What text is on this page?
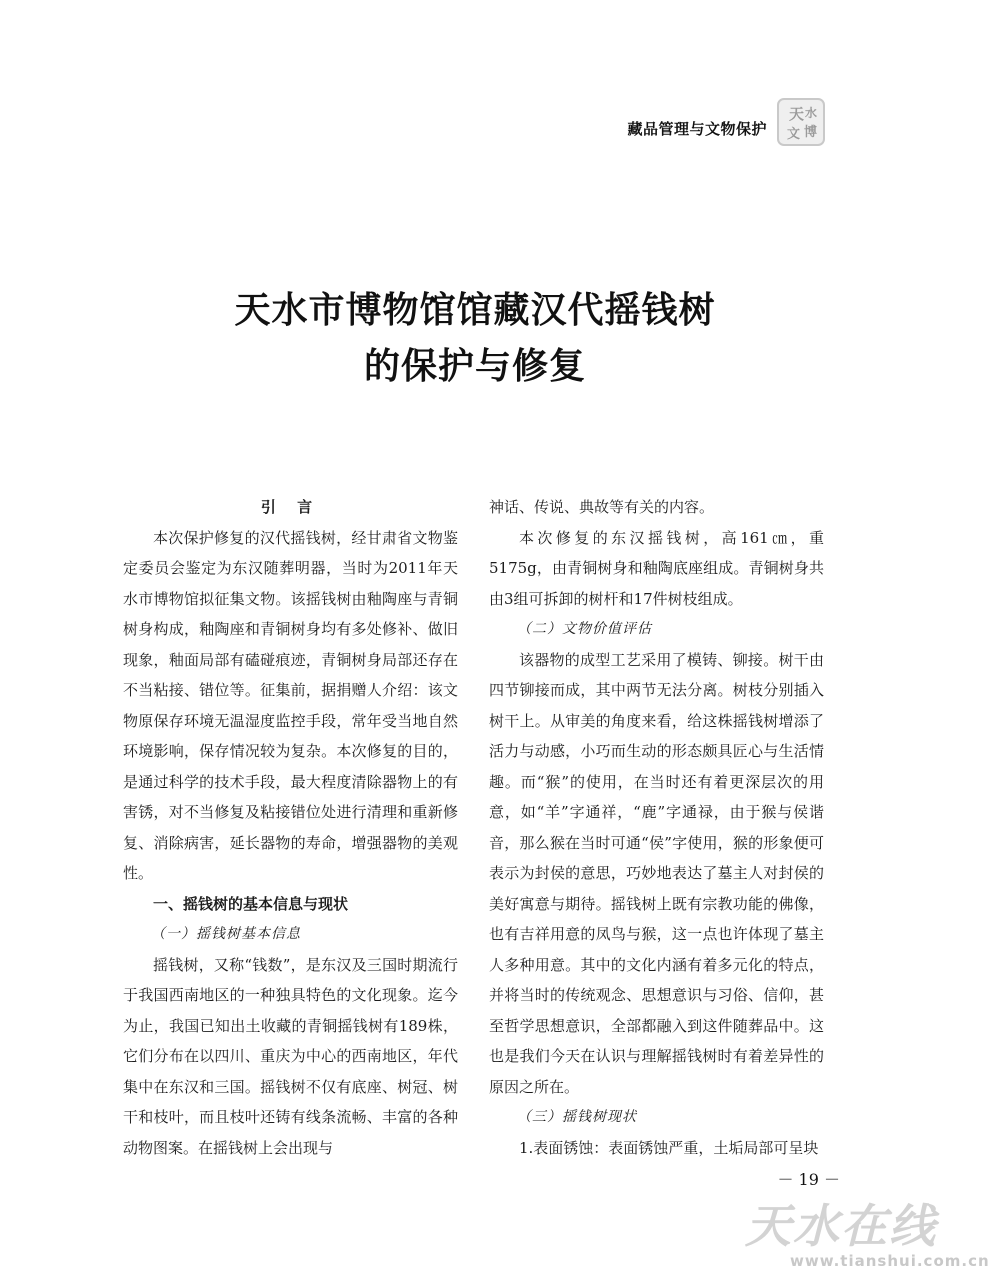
藏品管理与文物保护
天 水
文 博
天水市博物馆馆藏汉代摇钱树
的保护与修复

引 言

本次保护修复的汉代摇钱树，经甘肃省文物鉴定委员会鉴定为东汉随葬明器，当时为2011年天水市博物馆拟征集文物。该摇钱树由釉陶座与青铜树身构成，釉陶座和青铜树身均有多处修补、做旧现象，釉面局部有磕碰痕迹，青铜树身局部还存在不当粘接、错位等。征集前，据捐赠人介绍：该文物原保存环境无温湿度监控手段，常年受当地自然环境影响，保存情况较为复杂。本次修复的目的，是通过科学的技术手段，最大程度清除器物上的有害锈，对不当修复及粘接错位处进行清理和重新修复、消除病害，延长器物的寿命，增强器物的美观性。

一、摇钱树的基本信息与现状

（一）摇钱树基本信息

摇钱树，又称“钱数”，是东汉及三国时期流行于我国西南地区的一种独具特色的文化现象。迄今为止，我国已知出土收藏的青铜摇钱树有189株，它们分布在以四川、重庆为中心的西南地区，年代集中在东汉和三国。摇钱树不仅有底座、树冠、树干和枝叶，而且枝叶还铸有线条流畅、丰富的各种动物图案。在摇钱树上会出现与

神话、传说、典故等有关的内容。

本次修复的东汉摇钱树，高161㎝，重5175g，由青铜树身和釉陶底座组成。青铜树身共由3组可拆卸的树杆和17件树枝组成。

（二）文物价值评估

该器物的成型工艺采用了模铸、铆接。树干由四节铆接而成，其中两节无法分离。树枝分别插入树干上。从审美的角度来看，给这株摇钱树增添了活力与动感，小巧而生动的形态颇具匠心与生活情趣。而“猴”的使用，在当时还有着更深层次的用意，如“羊”字通祥，“鹿”字通禄，由于猴与侯谐音，那么猴在当时可通“侯”字使用，猴的形象便可表示为封侯的意思，巧妙地表达了墓主人对封侯的美好寓意与期待。摇钱树上既有宗教功能的佛像，也有吉祥用意的凤鸟与猴，这一点也许体现了墓主人多种用意。其中的文化内涵有着多元化的特点，并将当时的传统观念、思想意识与习俗、信仰，甚至哲学思想意识，全部都融入到这件随葬品中。这也是我们今天在认识与理解摇钱树时有着差异性的原因之所在。

（三）摇钱树现状

1.表面锈蚀：表面锈蚀严重，土垢局部可呈块

－ 19 －
天水在线
www.tianshui.com.cn
